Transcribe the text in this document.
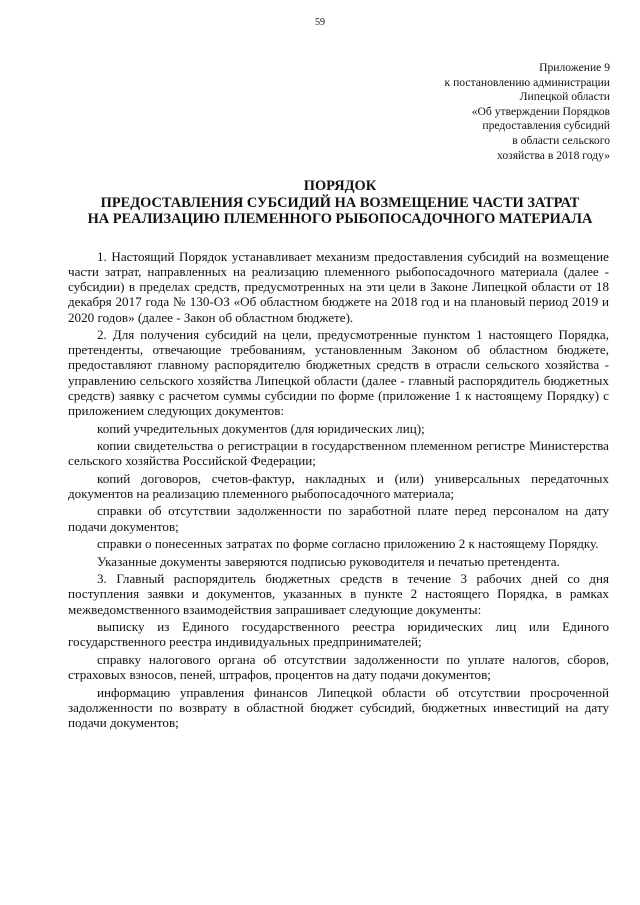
59
Приложение 9
к постановлению администрации
Липецкой области
«Об утверждении Порядков
предоставления субсидий
в области сельского
хозяйства в 2018 году»
ПОРЯДОК
ПРЕДОСТАВЛЕНИЯ СУБСИДИЙ НА ВОЗМЕЩЕНИЕ ЧАСТИ ЗАТРАТ
НА РЕАЛИЗАЦИЮ ПЛЕМЕННОГО РЫБОПОСАДОЧНОГО МАТЕРИАЛА

1. Настоящий Порядок устанавливает механизм предоставления субсидий на возмещение части затрат, направленных на реализацию племенного рыбопосадочного материала (далее - субсидии) в пределах средств, предусмотренных на эти цели в Законе Липецкой области от 18 декабря 2017 года № 130-ОЗ «Об областном бюджете на 2018 год и на плановый период 2019 и 2020 годов» (далее - Закон об областном бюджете).

2. Для получения субсидий на цели, предусмотренные пунктом 1 настоящего Порядка, претенденты, отвечающие требованиям, установленным Законом об областном бюджете, предоставляют главному распорядителю бюджетных средств в отрасли сельского хозяйства - управлению сельского хозяйства Липецкой области (далее - главный распорядитель бюджетных средств) заявку с расчетом суммы субсидии по форме (приложение 1 к настоящему Порядку) с приложением следующих документов:

копий учредительных документов (для юридических лиц);

копии свидетельства о регистрации в государственном племенном регистре Министерства сельского хозяйства Российской Федерации;

копий договоров, счетов-фактур, накладных и (или) универсальных передаточных документов на реализацию племенного рыбопосадочного материала;

справки об отсутствии задолженности по заработной плате перед персоналом на дату подачи документов;

справки о понесенных затратах по форме согласно приложению 2 к настоящему Порядку.

Указанные документы заверяются подписью руководителя и печатью претендента.

3. Главный распорядитель бюджетных средств в течение 3 рабочих дней со дня поступления заявки и документов, указанных в пункте 2 настоящего Порядка, в рамках межведомственного взаимодействия запрашивает следующие документы:

выписку из Единого государственного реестра юридических лиц или Единого государственного реестра индивидуальных предпринимателей;

справку налогового органа об отсутствии задолженности по уплате налогов, сборов, страховых взносов, пеней, штрафов, процентов на дату подачи документов;

информацию управления финансов Липецкой области об отсутствии просроченной задолженности по возврату в областной бюджет субсидий, бюджетных инвестиций на дату подачи документов;
